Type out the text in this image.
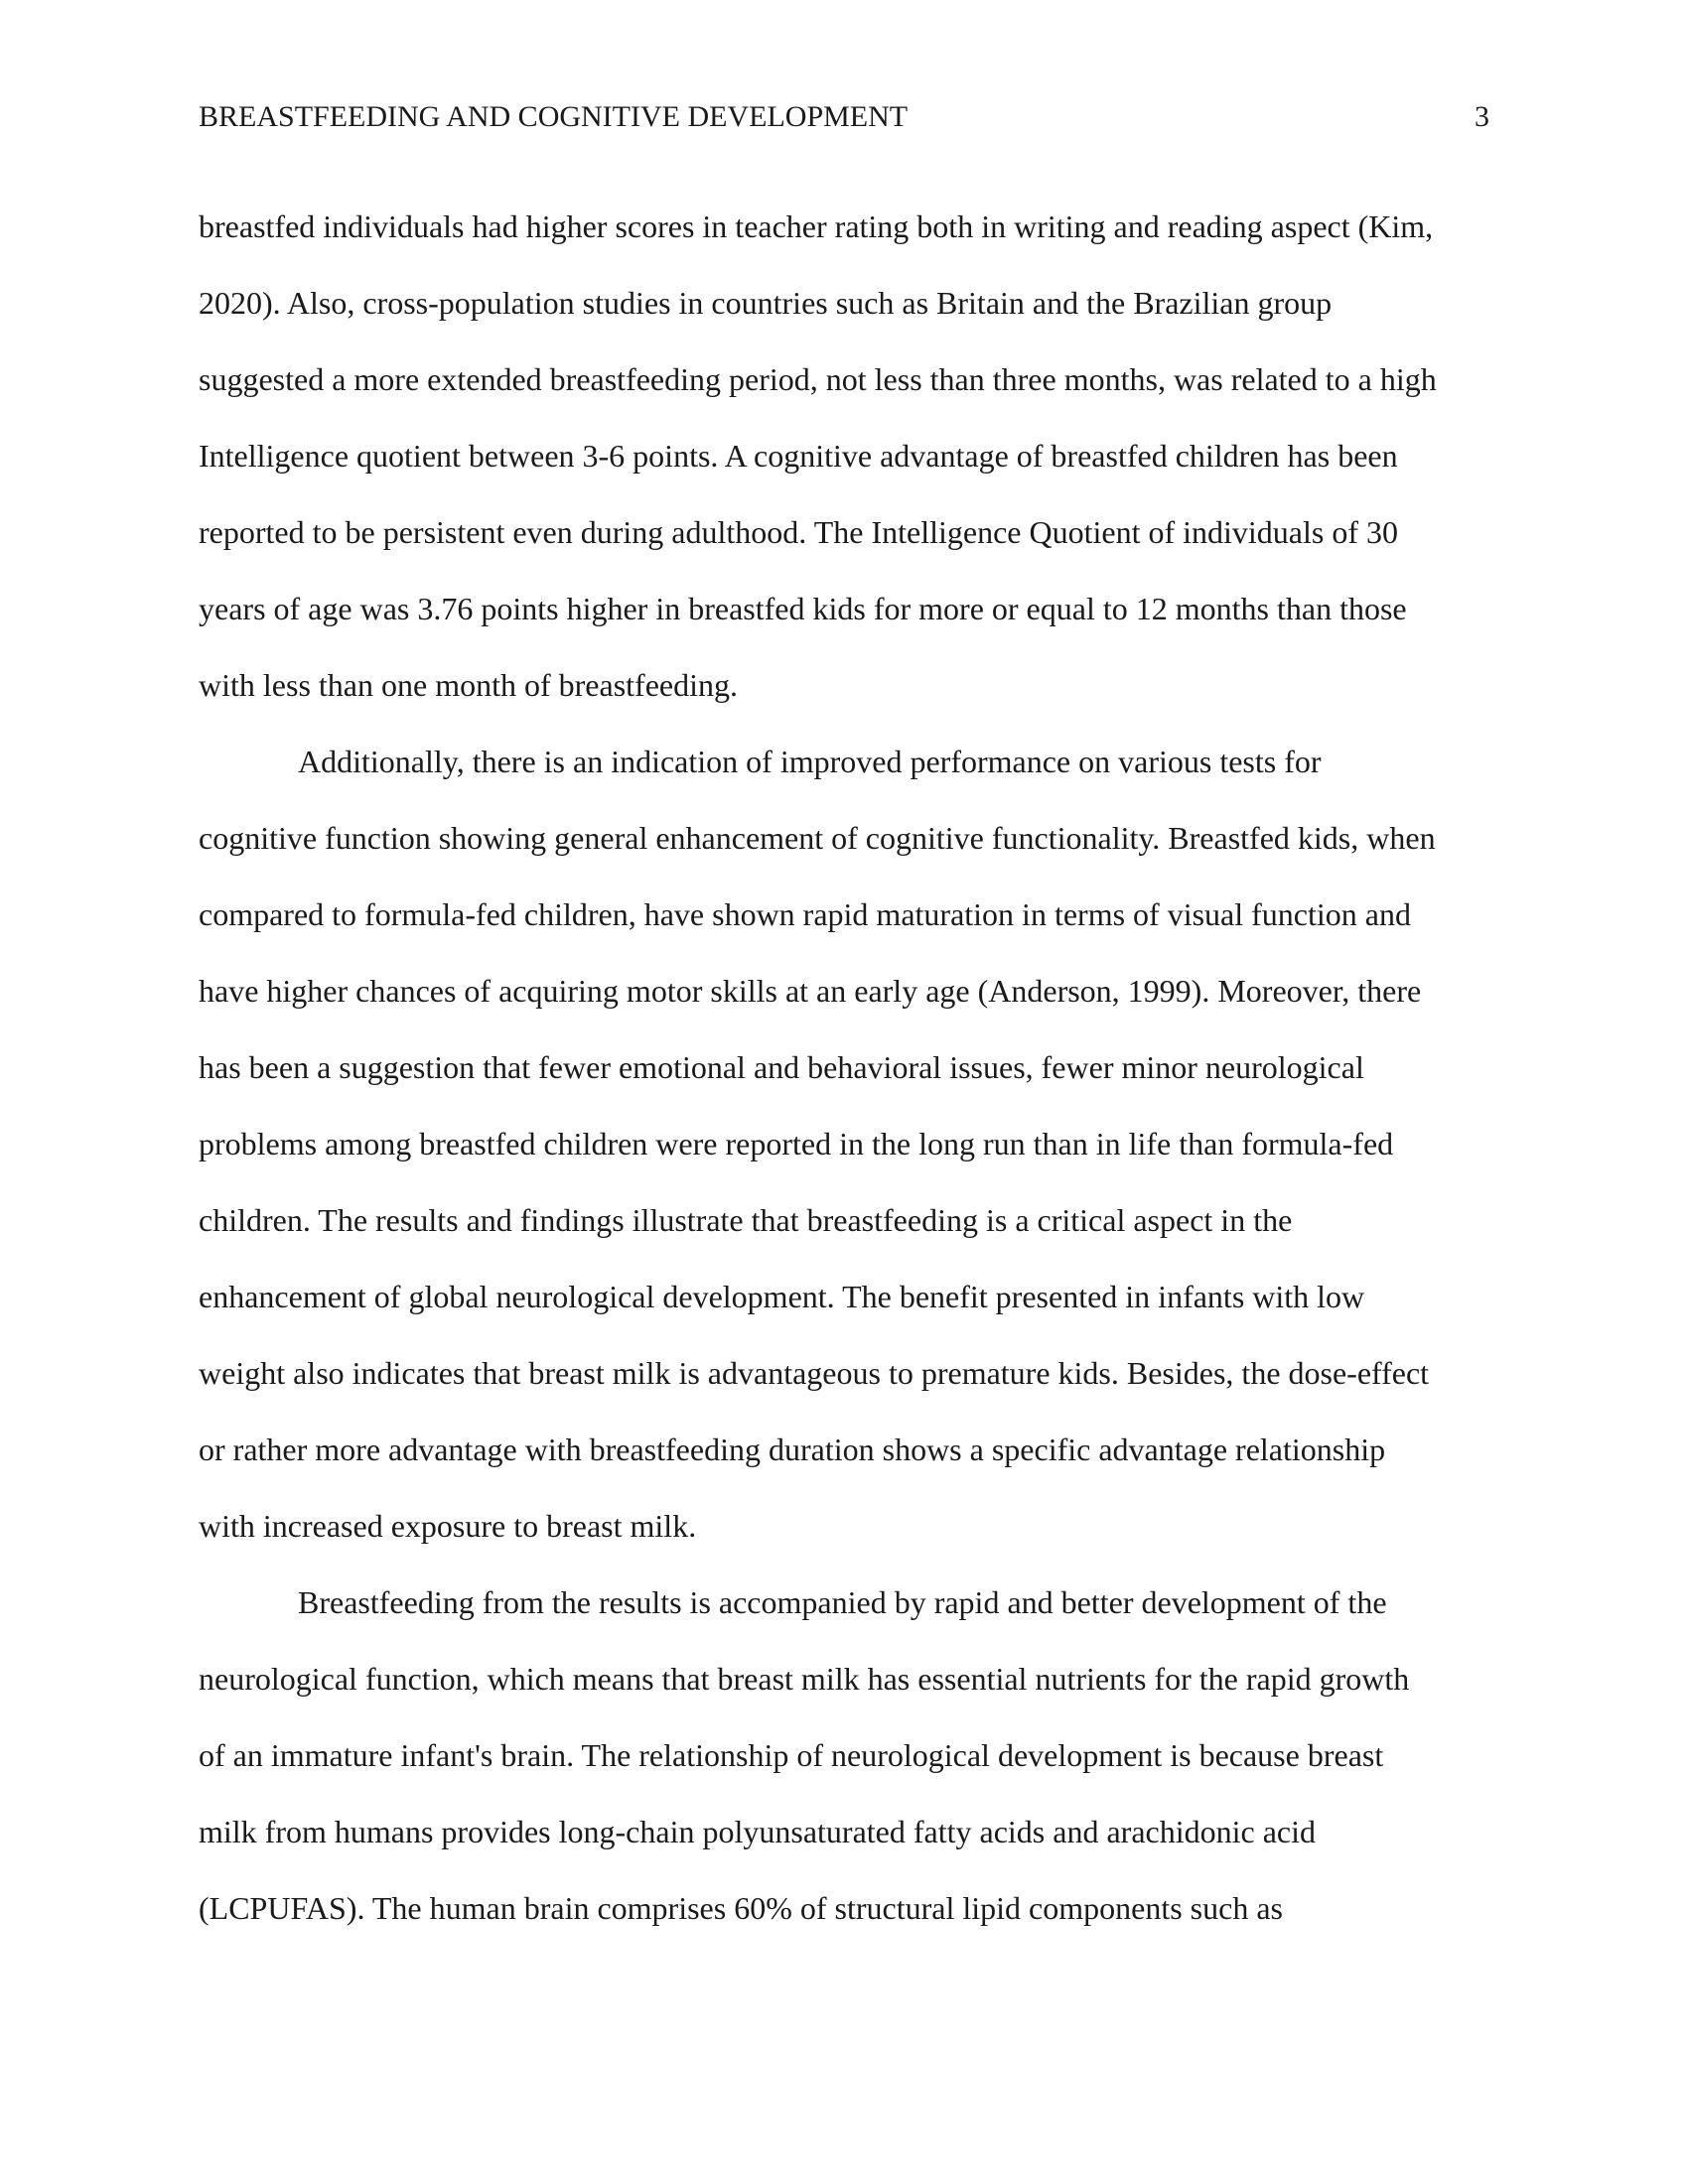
BREASTFEEDING AND COGNITIVE DEVELOPMENT	3
breastfed individuals had higher scores in teacher rating both in writing and reading aspect (Kim,
2020). Also, cross-population studies in countries such as Britain and the Brazilian group
suggested a more extended breastfeeding period, not less than three months, was related to a high
Intelligence quotient between 3-6 points. A cognitive advantage of breastfed children has been
reported to be persistent even during adulthood. The Intelligence Quotient of individuals of 30
years of age was 3.76 points higher in breastfed kids for more or equal to 12 months than those
with less than one month of breastfeeding.
Additionally, there is an indication of improved performance on various tests for
cognitive function showing general enhancement of cognitive functionality. Breastfed kids, when
compared to formula-fed children, have shown rapid maturation in terms of visual function and
have higher chances of acquiring motor skills at an early age (Anderson, 1999). Moreover, there
has been a suggestion that fewer emotional and behavioral issues, fewer minor neurological
problems among breastfed children were reported in the long run than in life than formula-fed
children. The results and findings illustrate that breastfeeding is a critical aspect in the
enhancement of global neurological development. The benefit presented in infants with low
weight also indicates that breast milk is advantageous to premature kids. Besides, the dose-effect
or rather more advantage with breastfeeding duration shows a specific advantage relationship
with increased exposure to breast milk.
Breastfeeding from the results is accompanied by rapid and better development of the
neurological function, which means that breast milk has essential nutrients for the rapid growth
of an immature infant's brain. The relationship of neurological development is because breast
milk from humans provides long-chain polyunsaturated fatty acids and arachidonic acid
(LCPUFAS). The human brain comprises 60% of structural lipid components such as
